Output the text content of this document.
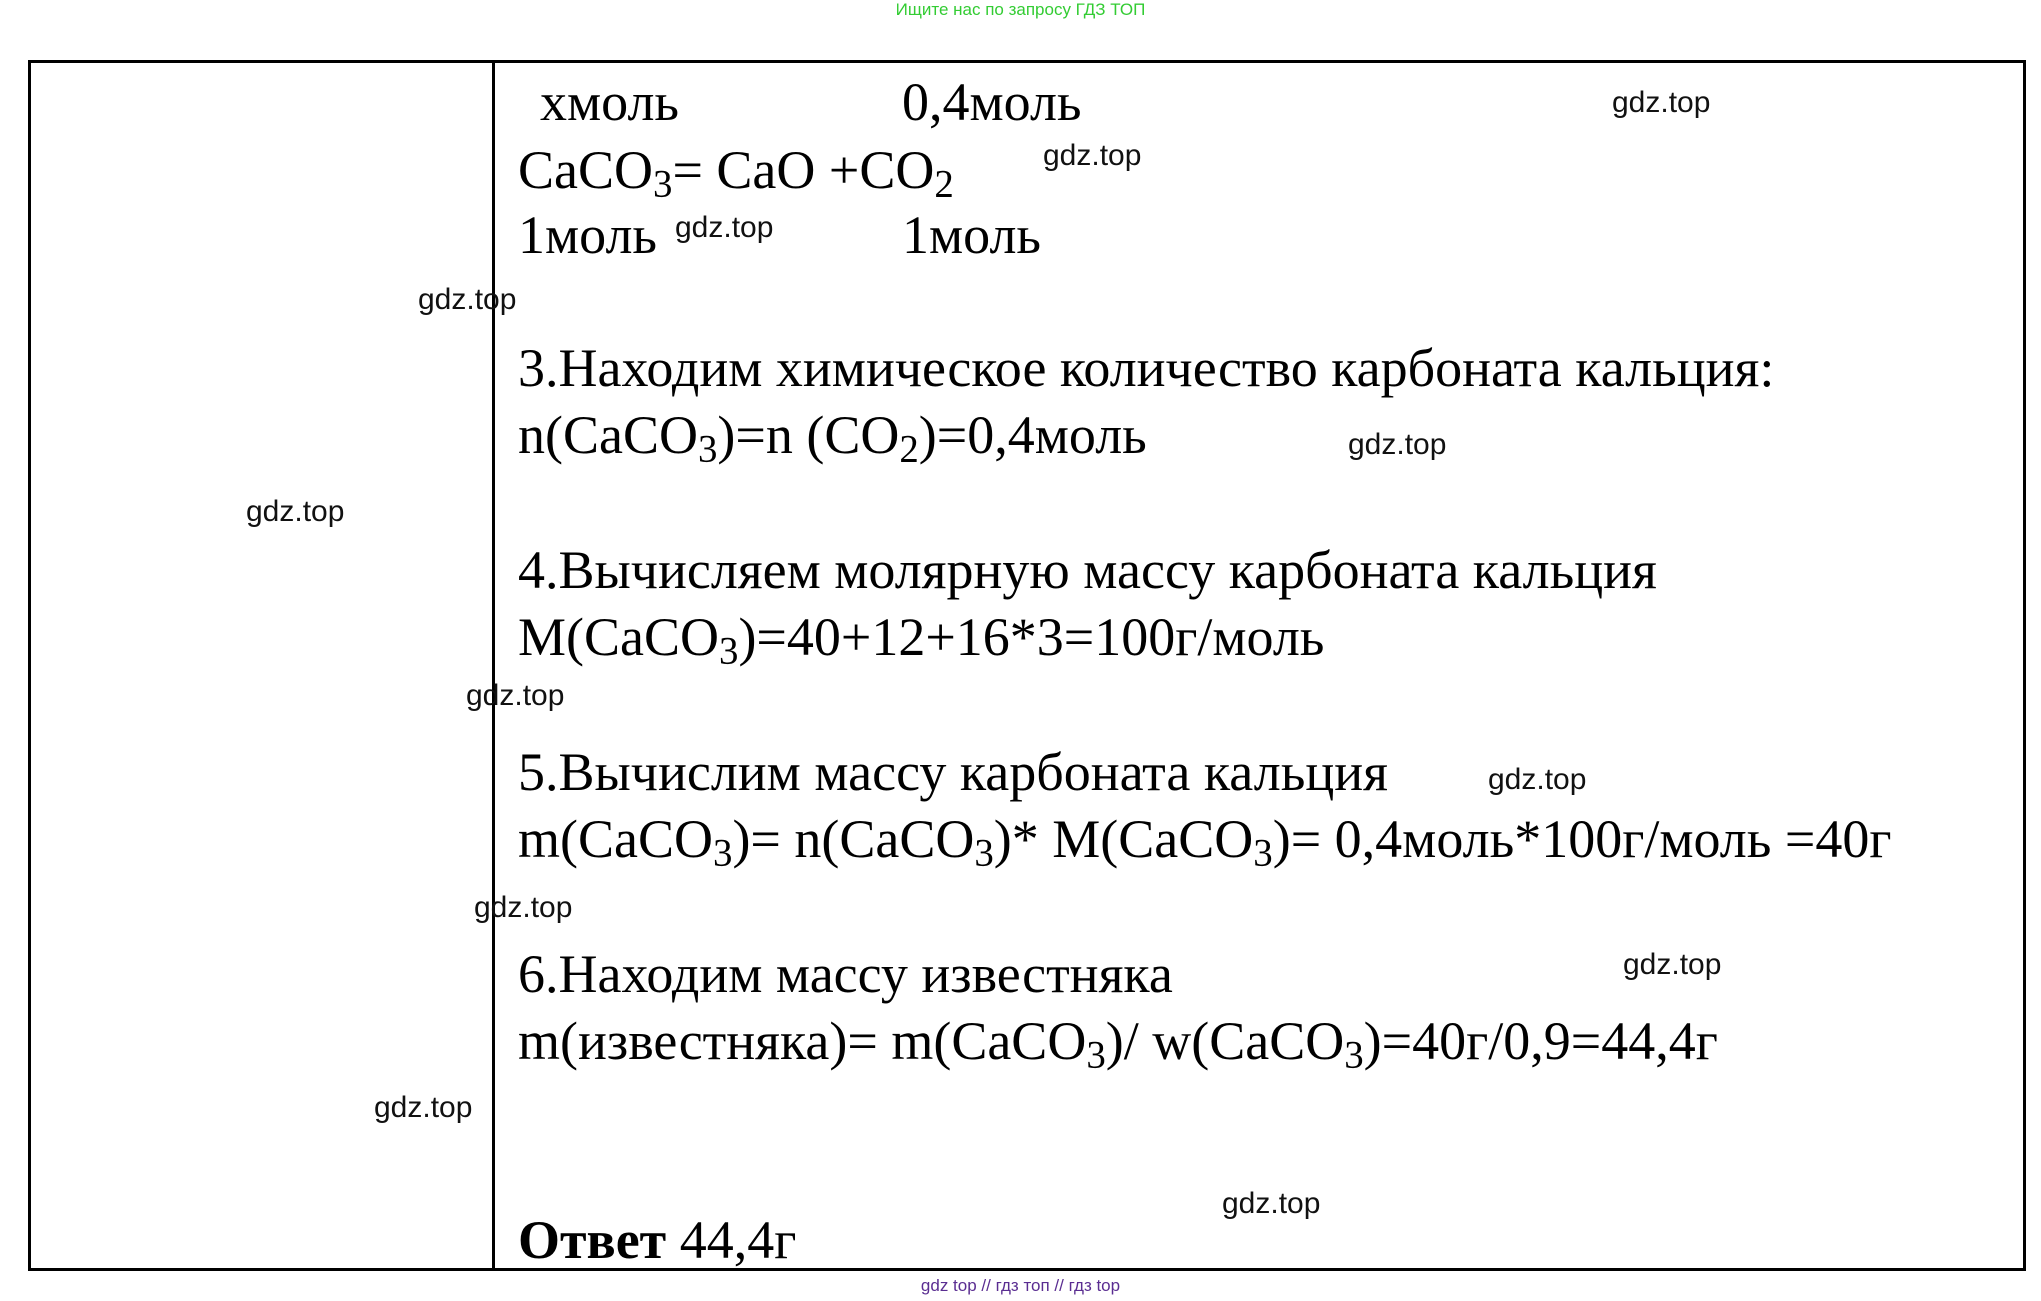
Ищите нас по запросу ГДЗ ТОП
xмоль	0,4моль
CaCO$_3$= CaO $+CO_2$
1моль	1моль
3.Находим химическое количество карбоната кальция:
n(CaCO$_3$)=n $(CO_2)=0,4моль$
4.Вычисляем молярную массу карбоната кальция
M(CaCO$_3$)=40+12+16*3=100г/моль
5.Вычислим массу карбоната кальция
m(CaCO$_3$)= n(CaCO$_3$)* M(CaCO$_3$)= 0,4моль*100г/моль =40г
6.Находим массу известняка
m(известняка)= m(CaCO$_3$)/ w(CaCO$_3$)=40г/0,9=44,4г
Ответ 44,4г
gdz.top
gdz.top
gdz.top
gdz.top
gdz.top
gdz.top
gdz.top
gdz.top
gdz.top
gdz.top
gdz.top
gdz.top
gdz top // гдз топ // гдз top
